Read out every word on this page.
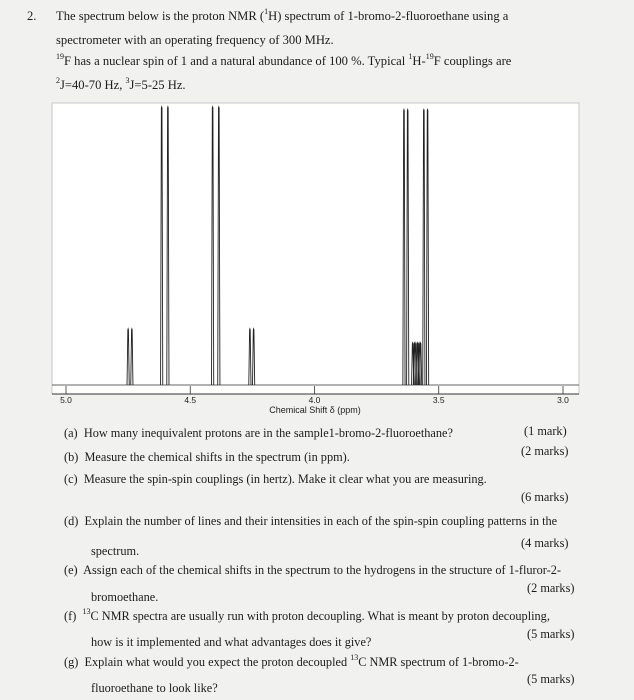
2. The spectrum below is the proton NMR ($^1$H) spectrum of 1-bromo-2-fluoroethane using a
spectrometer with an operating frequency of 300 MHz.
$^{19}$F has a nuclear spin of 1 and a natural abundance of 100 %. Typical $^1$H-$^{19}$F couplings are
$^2$J=40-70 Hz, $^3$J=5-25 Hz.
5.0	4.5	4.0	3.5	3.0
Chemical Shift δ (ppm)
(a) How many inequivalent protons are in the sample1-bromo-2-fluoroethane?	(1 mark)
(b) Measure the chemical shifts in the spectrum (in ppm).	(2 marks)
(c) Measure the spin-spin couplings (in hertz). Make it clear what you are measuring.
(6 marks)
(d) Explain the number of lines and their intensities in each of the spin-spin coupling patterns in the
spectrum.
(4 marks)
(e) Assign each of the chemical shifts in the spectrum to the hydrogens in the structure of 1-fluror-2-
bromoethane.
(2 marks)
(f) $^{13}$C NMR spectra are usually run with proton decoupling. What is meant by proton decoupling,
how is it implemented and what advantages does it give?
(5 marks)
(g) Explain what would you expect the proton decoupled $^{13}$C NMR spectrum of 1-bromo-2-
fluoroethane to look like?
(5 marks)
